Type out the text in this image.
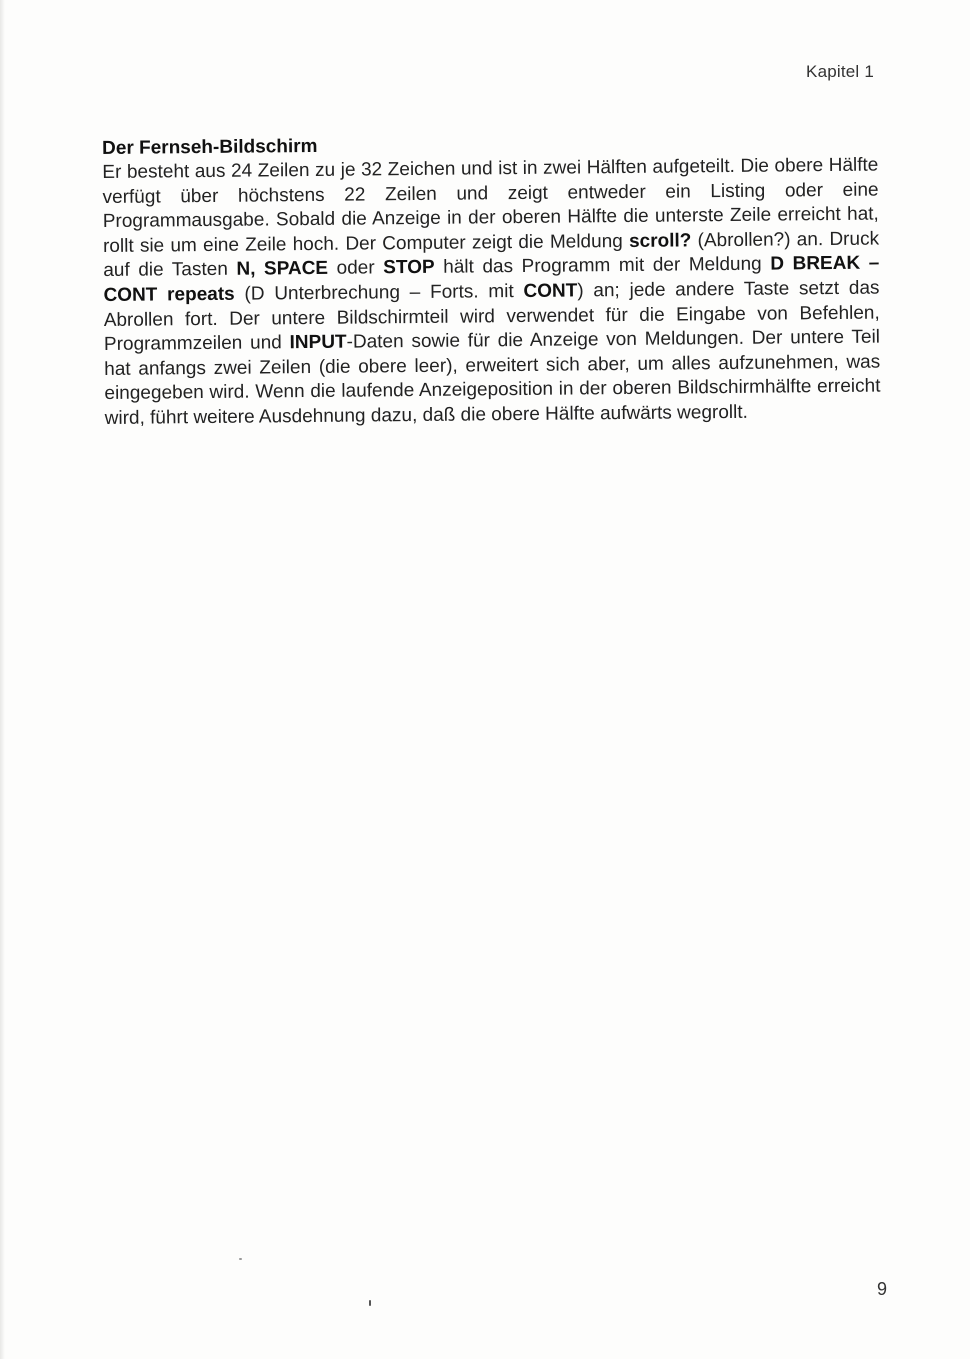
Kapitel 1
Der Fernseh-Bildschirm

Er besteht aus 24 Zeilen zu je 32 Zeichen und ist in zwei Hälften aufgeteilt. Die obere Hälfte verfügt über höchstens 22 Zeilen und zeigt entweder ein Listing oder eine Programmausgabe. Sobald die Anzeige in der oberen Hälfte die unterste Zeile erreicht hat, rollt sie um eine Zeile hoch. Der Computer zeigt die Meldung scroll? (Abrollen?) an. Druck auf die Tasten N, SPACE oder STOP hält das Programm mit der Meldung D BREAK – CONT repeats (D Unterbrechung – Forts. mit CONT) an; jede andere Taste setzt das Abrollen fort. Der untere Bildschirmteil wird verwendet für die Eingabe von Befehlen, Programmzeilen und INPUT-Daten sowie für die Anzeige von Meldungen. Der untere Teil hat anfangs zwei Zeilen (die obere leer), erweitert sich aber, um alles aufzunehmen, was eingegeben wird. Wenn die laufende Anzeigeposition in der oberen Bildschirmhälfte erreicht wird, führt weitere Ausdehnung dazu, daß die obere Hälfte aufwärts wegrollt.

9
